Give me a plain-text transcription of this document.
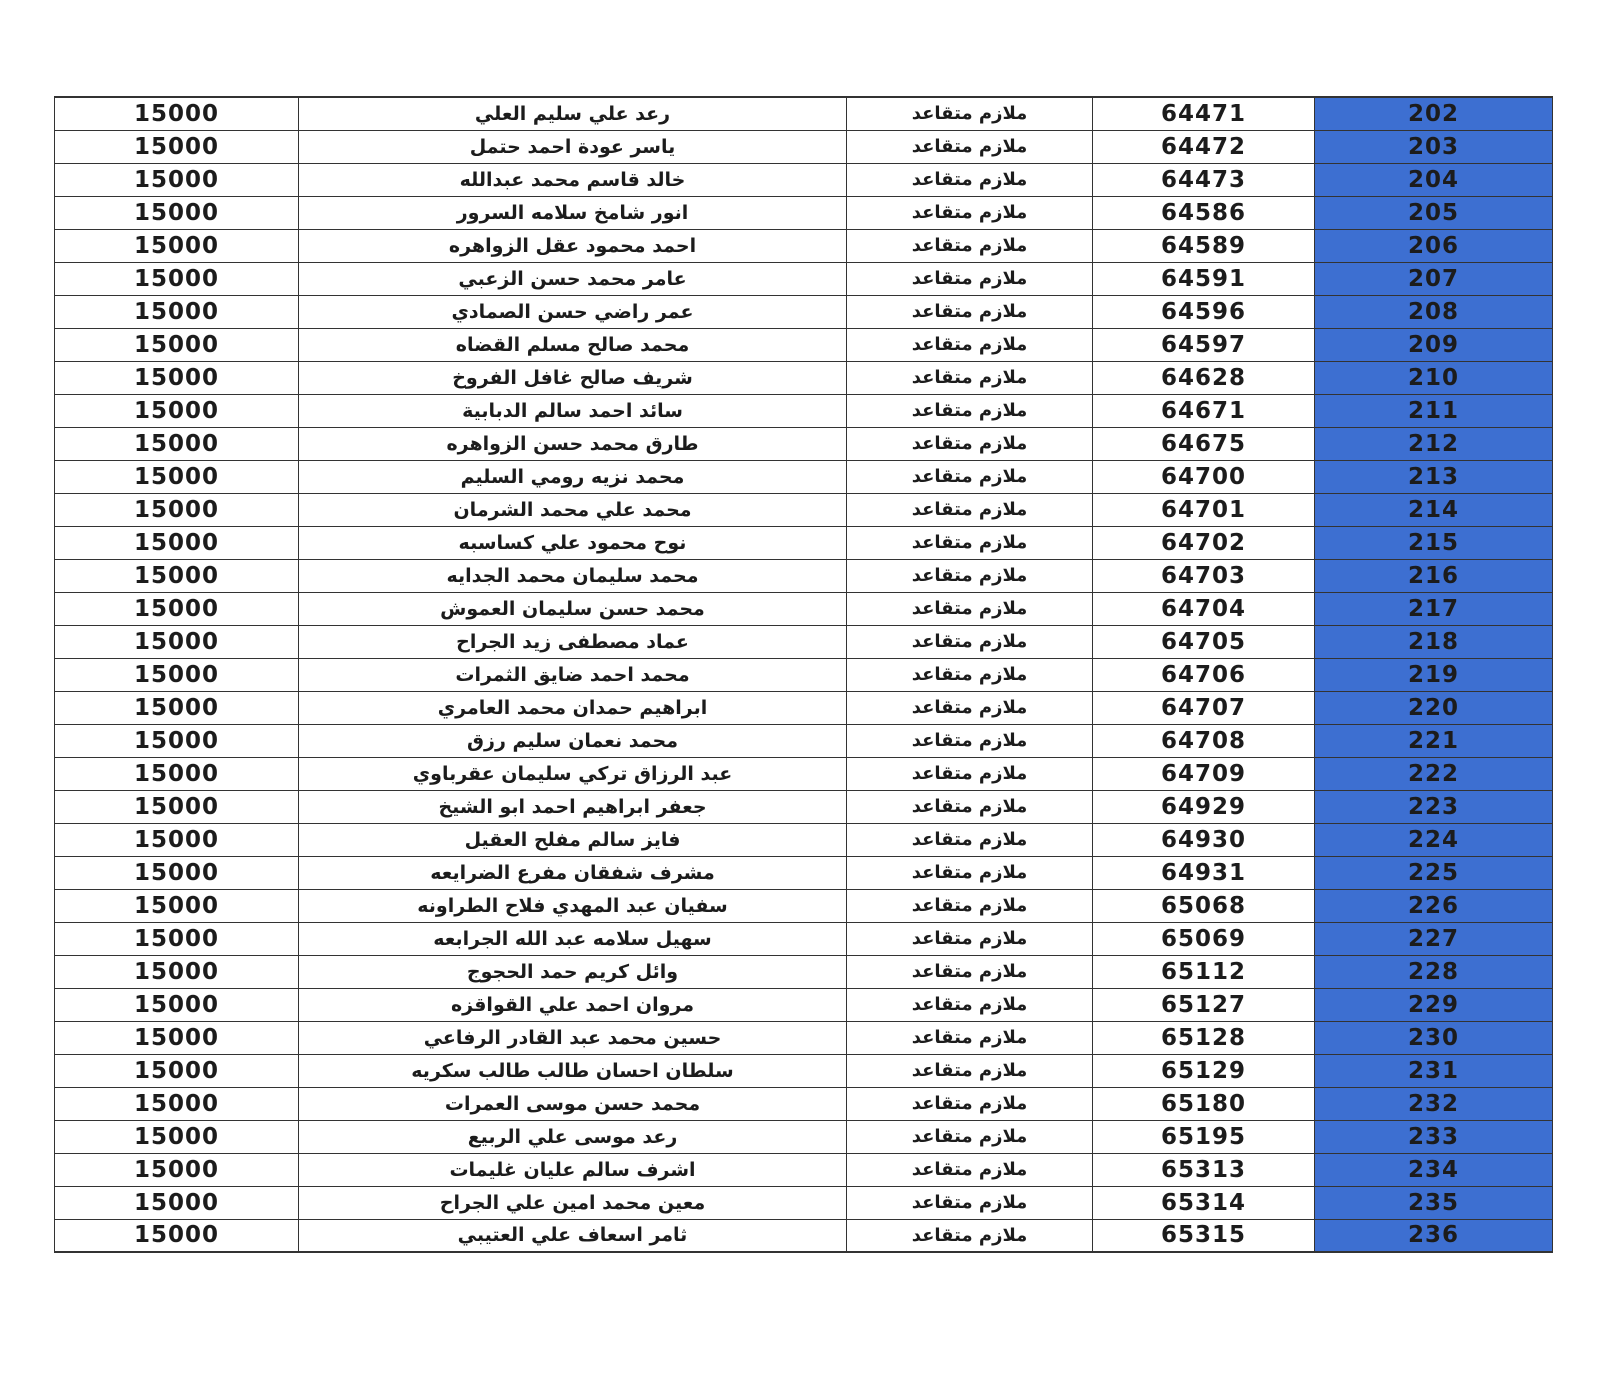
15000	رعد علي سليم العلي	ملازم متقاعد	64471	202
15000	ياسر عودة احمد حتمل	ملازم متقاعد	64472	203
15000	خالد قاسم محمد عبدالله	ملازم متقاعد	64473	204
15000	انور شامخ سلامه السرور	ملازم متقاعد	64586	205
15000	احمد محمود عقل الزواهره	ملازم متقاعد	64589	206
15000	عامر محمد حسن الزعبي	ملازم متقاعد	64591	207
15000	عمر راضي حسن الصمادي	ملازم متقاعد	64596	208
15000	محمد صالح مسلم القضاه	ملازم متقاعد	64597	209
15000	شريف صالح غافل الفروخ	ملازم متقاعد	64628	210
15000	سائد احمد سالم الدبابية	ملازم متقاعد	64671	211
15000	طارق محمد حسن الزواهره	ملازم متقاعد	64675	212
15000	محمد نزيه رومي السليم	ملازم متقاعد	64700	213
15000	محمد علي محمد الشرمان	ملازم متقاعد	64701	214
15000	نوح محمود علي كساسبه	ملازم متقاعد	64702	215
15000	محمد سليمان محمد الجدايه	ملازم متقاعد	64703	216
15000	محمد حسن سليمان العموش	ملازم متقاعد	64704	217
15000	عماد مصطفى زيد الجراح	ملازم متقاعد	64705	218
15000	محمد احمد ضايق الثمرات	ملازم متقاعد	64706	219
15000	ابراهيم حمدان محمد العامري	ملازم متقاعد	64707	220
15000	محمد نعمان سليم رزق	ملازم متقاعد	64708	221
15000	عبد الرزاق تركي سليمان عقرباوي	ملازم متقاعد	64709	222
15000	جعفر ابراهيم احمد ابو الشيخ	ملازم متقاعد	64929	223
15000	فايز سالم مفلح العقيل	ملازم متقاعد	64930	224
15000	مشرف شفقان مفرع الضرايعه	ملازم متقاعد	64931	225
15000	سفيان عبد المهدي فلاح الطراونه	ملازم متقاعد	65068	226
15000	سهيل سلامه عبد الله الجرابعه	ملازم متقاعد	65069	227
15000	وائل كريم حمد الحجوج	ملازم متقاعد	65112	228
15000	مروان احمد علي القواقزه	ملازم متقاعد	65127	229
15000	حسين محمد عبد القادر الرفاعي	ملازم متقاعد	65128	230
15000	سلطان احسان طالب طالب سكريه	ملازم متقاعد	65129	231
15000	محمد حسن موسى العمرات	ملازم متقاعد	65180	232
15000	رعد موسى علي الربيع	ملازم متقاعد	65195	233
15000	اشرف سالم عليان غليمات	ملازم متقاعد	65313	234
15000	معين محمد امين علي الجراح	ملازم متقاعد	65314	235
15000	ثامر اسعاف علي العتيبي	ملازم متقاعد	65315	236
